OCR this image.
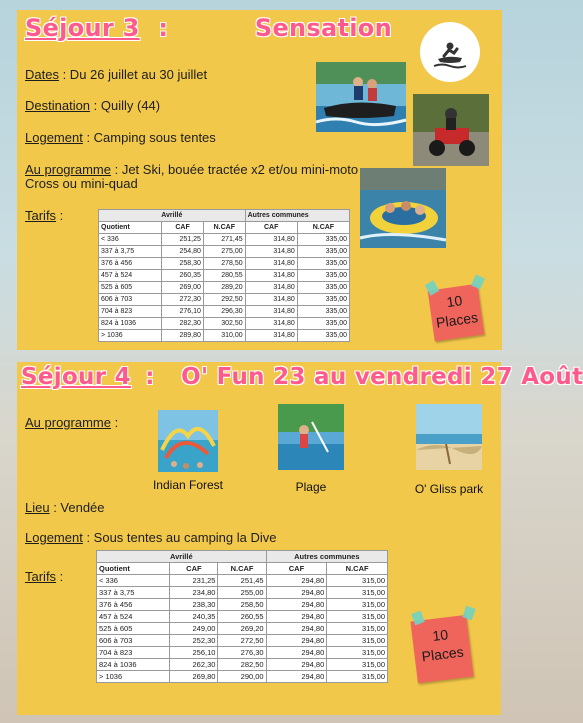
Séjour 3 :	Sensation
Dates : Du 26 juillet au 30 juillet
Destination : Quilly (44)
Logement : Camping sous tentes
Au programme : Jet Ski, bouée tractée x2 et/ou mini-moto
Cross ou mini-quad
Tarifs :	Avrillé			Autres communes	
Quotient	CAF	N.CAF	CAF	N.CAF
< 336	251,25	271,45	314,80	335,00
337 à 3,75	254,80	275,00	314,80	335,00
376 à 456	258,30	278,50	314,80	335,00
457 à 524	260,35	280,55	314,80	335,00
525 à 605	269,00	289,20	314,80	335,00
606 à 703	272,30	292,50	314,80	335,00
704 à 823	276,10	296,30	314,80	335,00
824 à 1036	282,30	302,50	314,80	335,00
> 1036	289,80	310,00	314,80	335,00
10
Places
Séjour 4 : O' Fun 23 au vendredi 27 Août
Au programme :
Indian Forest	Plage	O' Gliss park
Lieu : Vendée
Logement : Sous tentes au camping la Dive
Tarifs :
Avrillé			Autres communes	
Quotient	CAF	N.CAF	CAF	N.CAF
< 336	231,25	251,45	294,80	315,00
337 à 3,75	234,80	255,00	294,80	315,00
376 à 456	238,30	258,50	294,80	315,00
457 à 524	240,35	260,55	294,80	315,00
525 à 605	249,00	269,20	294,80	315,00
606 à 703	252,30	272,50	294,80	315,00
704 à 823	256,10	276,30	294,80	315,00
824 à 1036	262,30	282,50	294,80	315,00
> 1036	269,80	290,00	294,80	315,00
10
Places
